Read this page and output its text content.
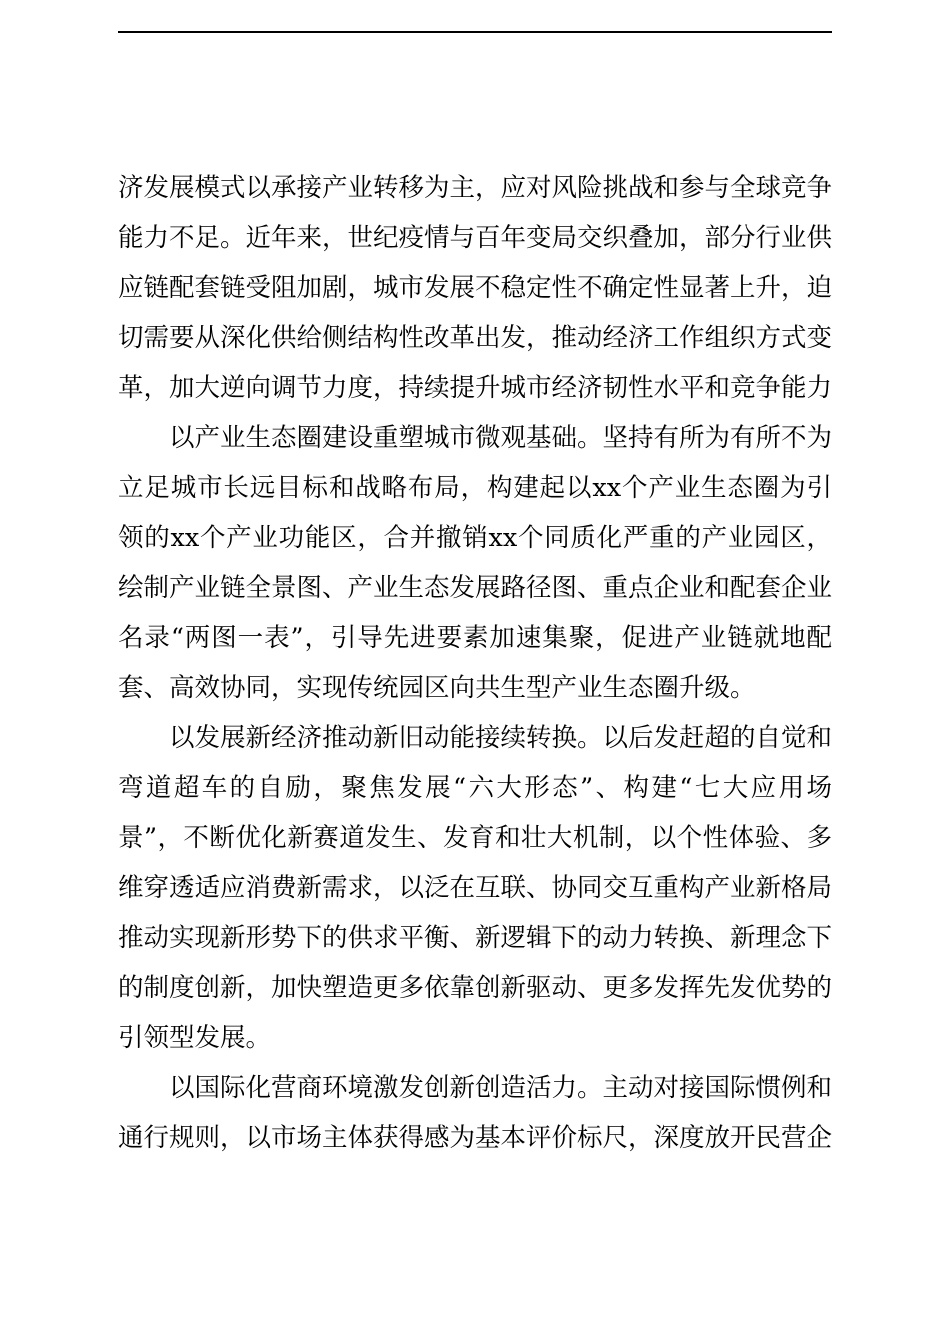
济发展模式以承接产业转移为主，应对风险挑战和参与全球竞争
能力不足。近年来，世纪疫情与百年变局交织叠加，部分行业供
应链配套链受阻加剧，城市发展不稳定性不确定性显著上升，迫
切需要从深化供给侧结构性改革出发，推动经济工作组织方式变
革，加大逆向调节力度，持续提升城市经济韧性水平和竞争能力
以产业生态圈建设重塑城市微观基础。坚持有所为有所不为
立足城市长远目标和战略布局，构建起以xx个产业生态圈为引
领的xx个产业功能区，合并撤销xx个同质化严重的产业园区，
绘制产业链全景图、产业生态发展路径图、重点企业和配套企业
名录“两图一表”，引导先进要素加速集聚，促进产业链就地配
套、高效协同，实现传统园区向共生型产业生态圈升级。
以发展新经济推动新旧动能接续转换。以后发赶超的自觉和
弯道超车的自励，聚焦发展“六大形态”、构建“七大应用场
景”，不断优化新赛道发生、发育和壮大机制，以个性体验、多
维穿透适应消费新需求，以泛在互联、协同交互重构产业新格局
推动实现新形势下的供求平衡、新逻辑下的动力转换、新理念下
的制度创新，加快塑造更多依靠创新驱动、更多发挥先发优势的
引领型发展。
以国际化营商环境激发创新创造活力。主动对接国际惯例和
通行规则，以市场主体获得感为基本评价标尺，深度放开民营企
